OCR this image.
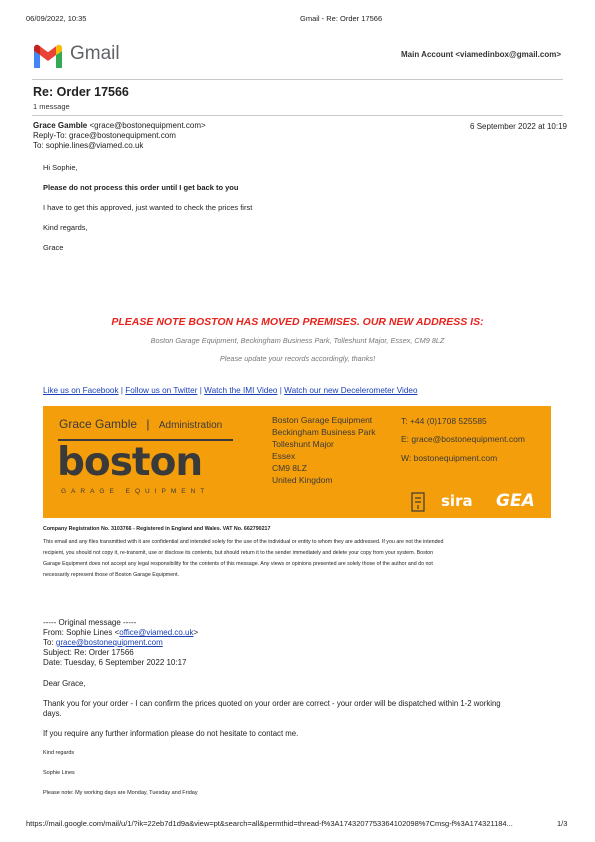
06/09/2022, 10:35	Gmail - Re: Order 17566
Gmail	Main Account <viamedinbox@gmail.com>
Re: Order 17566
1 message
Grace Gamble <grace@bostonequipment.com>
Reply-To: grace@bostonequipment.com
To: sophie.lines@viamed.co.uk
6 September 2022 at 10:19
Hi Sophie,
Please do not process this order until I get back to you
I have to get this approved, just wanted to check the prices first
Kind regards,
Grace
PLEASE NOTE BOSTON HAS MOVED PREMISES. OUR NEW ADDRESS IS:
Boston Garage Equipment, Beckingham Business Park, Tolleshunt Major, Essex, CM9 8LZ
Please update your records accordingly, thanks!
Like us on Facebook | Follow us on Twitter | Watch the IMI Video | Watch our new Decelerometer Video
Grace Gamble | Administration
boston
GARAGE EQUIPMENT
Boston Garage Equipment
Beckingham Business Park
Tolleshunt Major
Essex
CM9 8LZ
United Kingdom
T: +44 (0)1708 525585
E: grace@bostonequipment.com
W: bostonequipment.com
sira GEA
Company Registration No. 3103766 - Registered in England and Wales. VAT No. 662790217
This email and any files transmitted with it are confidential and intended solely for the use of the individual or entity to whom they are addressed. If you are not the intended
recipient, you should not copy it, re-transmit, use or disclose its contents, but should return it to the sender immediately and delete your copy from your system. Boston
Garage Equipment does not accept any legal responsibility for the contents of this message. Any views or opinions presented are solely those of the author and do not
necessarily represent those of Boston Garage Equipment.
----- Original message -----
From: Sophie Lines <office@viamed.co.uk>
To: grace@bostonequipment.com
Subject: Re: Order 17566
Date: Tuesday, 6 September 2022 10:17
Dear Grace,
Thank you for your order - I can confirm the prices quoted on your order are correct - your order will be dispatched within 1-2 working
days.
If you require any further information please do not hesitate to contact me.
Kind regards
Sophie Lines
Please note: My working days are Monday, Tuesday and Friday
https://mail.google.com/mail/u/1/?ik=22eb7d1d9a&view=pt&search=all&permthid=thread-f%3A1743207753364102098%7Cmsg-f%3A174321184...	1/3
